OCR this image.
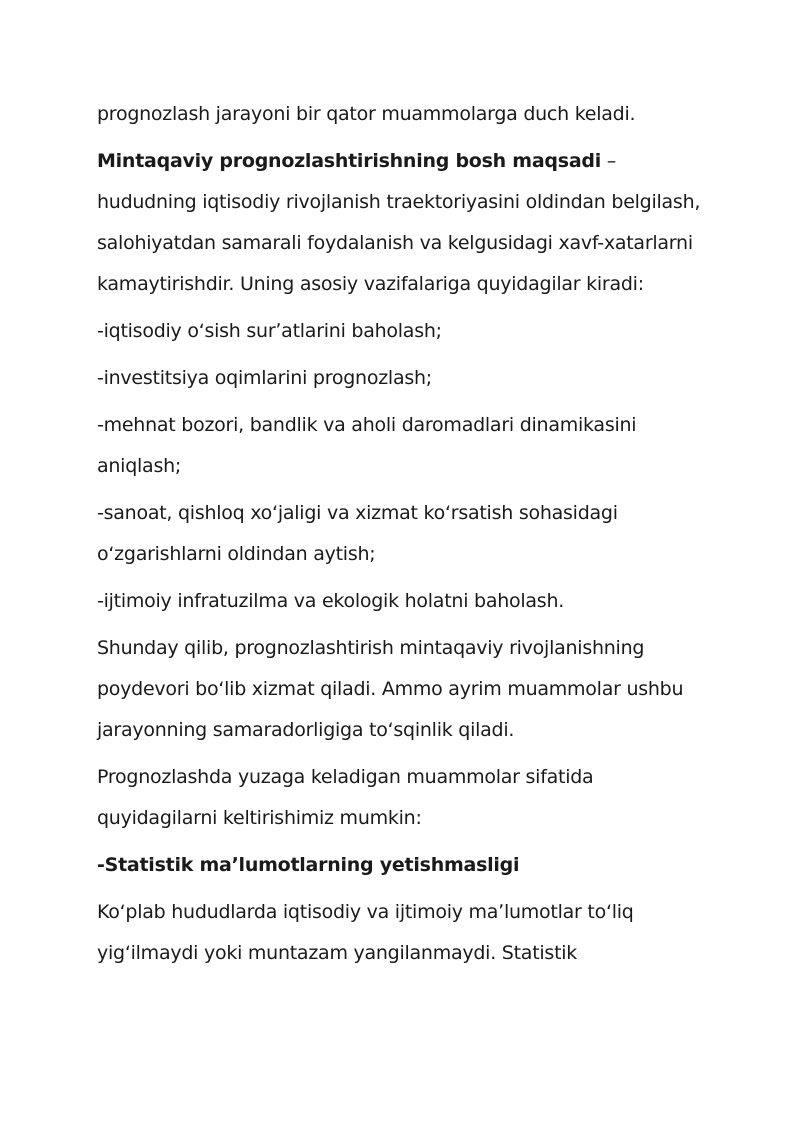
prognozlash jarayoni bir qator muammolarga duch keladi.

Mintaqaviy prognozlashtirishning bosh maqsadi – hududning iqtisodiy rivojlanish traektoriyasini oldindan belgilash, salohiyatdan samarali foydalanish va kelgusidagi xavf-xatarlarni kamaytirishdir. Uning asosiy vazifalariga quyidagilar kiradi:

-iqtisodiy oʻsish surʼatlarini baholash;

-investitsiya oqimlarini prognozlash;

-mehnat bozori, bandlik va aholi daromadlari dinamikasini aniqlash;

-sanoat, qishloq xoʻjaligi va xizmat koʻrsatish sohasidagi oʻzgarishlarni oldindan aytish;

-ijtimoiy infratuzilma va ekologik holatni baholash.

Shunday qilib, prognozlashtirish mintaqaviy rivojlanishning poydevori boʻlib xizmat qiladi. Ammo ayrim muammolar ushbu jarayonning samaradorligiga toʻsqinlik qiladi.

Prognozlashda yuzaga keladigan muammolar sifatida quyidagilarni keltirishimiz mumkin:

-Statistik maʼlumotlarning yetishmasligi

Koʻplab hududlarda iqtisodiy va ijtimoiy maʼlumotlar toʻliq yigʻilmaydi yoki muntazam yangilanmaydi. Statistik
